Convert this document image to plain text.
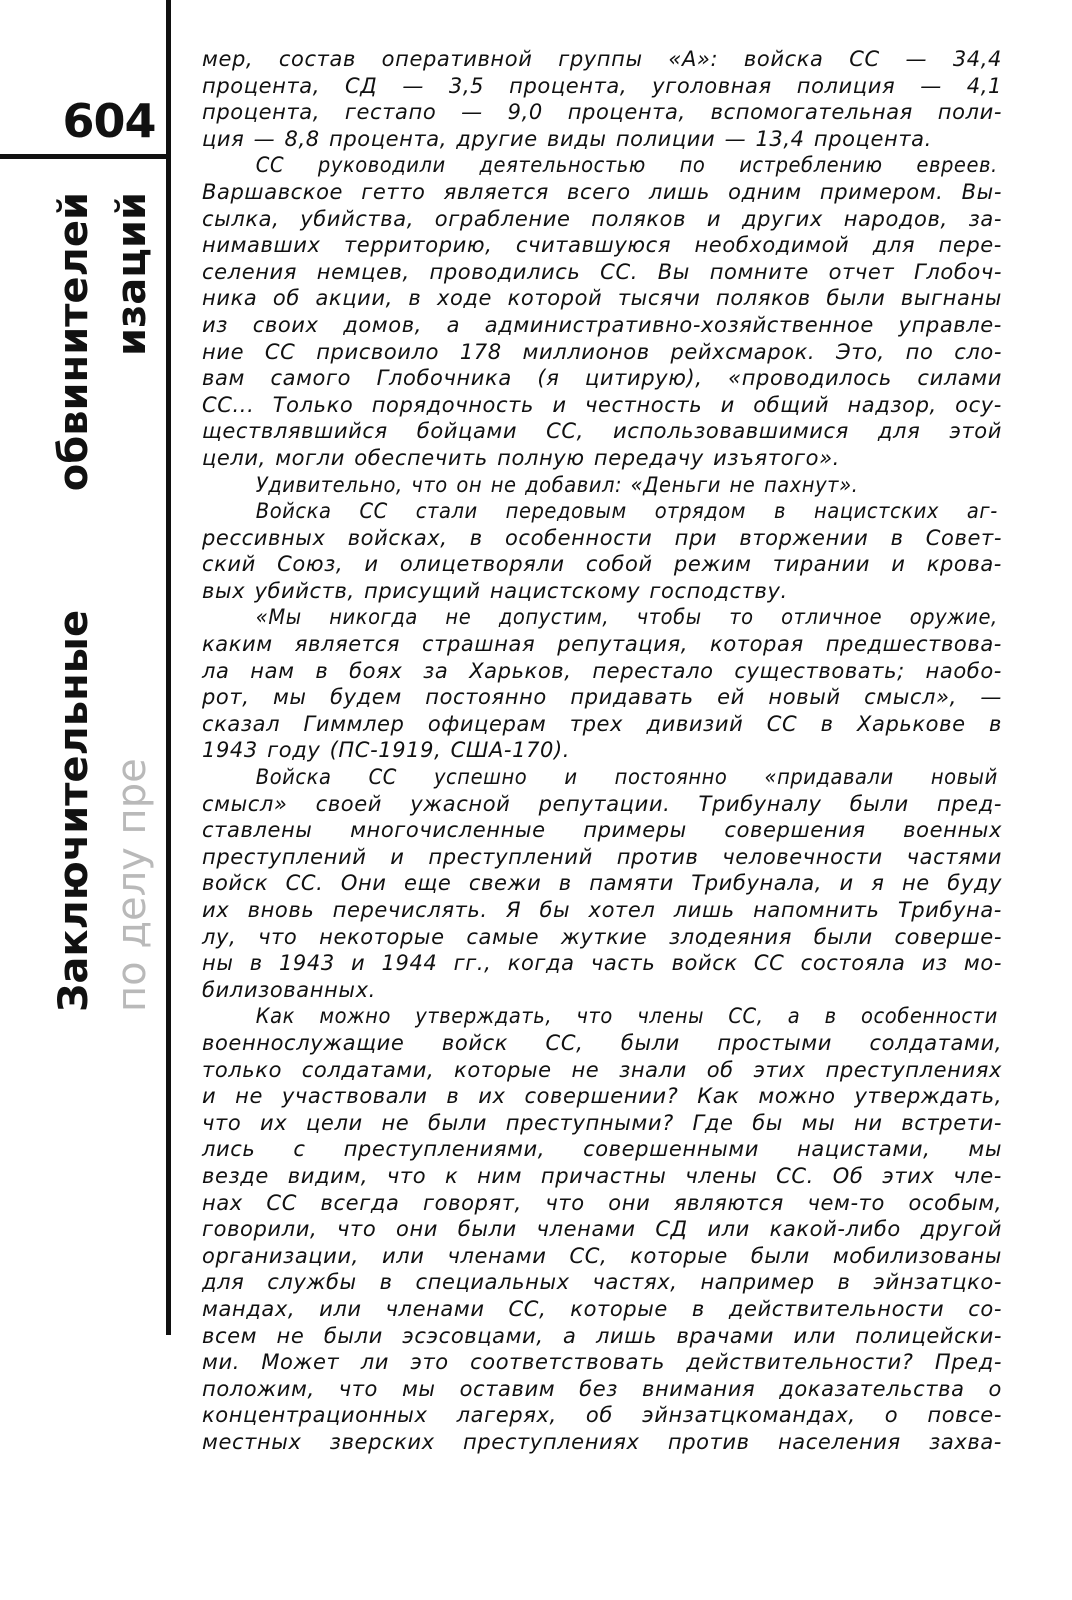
604
Заключительные
обвинителей
по делу пре
изаций
мер, состав оперативной группы «А»: войска СС — 34,4
процента, СД — 3,5 процента, уголовная полиция — 4,1
процента, гестапо — 9,0 процента, вспомогательная поли-
ция — 8,8 процента, другие виды полиции — 13,4 процента.
СС руководили деятельностью по истреблению евреев.
Варшавское гетто является всего лишь одним примером. Вы-
сылка, убийства, ограбление поляков и других народов, за-
нимавших территорию, считавшуюся необходимой для пере-
селения немцев, проводились СС. Вы помните отчет Глобоч-
ника об акции, в ходе которой тысячи поляков были выгнаны
из своих домов, а административно-хозяйственное управле-
ние СС присвоило 178 миллионов рейхсмарок. Это, по сло-
вам самого Глобочника (я цитирую), «проводилось силами
СС... Только порядочность и честность и общий надзор, осу-
ществлявшийся бойцами СС, использовавшимися для этой
цели, могли обеспечить полную передачу изъятого».
Удивительно, что он не добавил: «Деньги не пахнут».
Войска СС стали передовым отрядом в нацистских аг-
рессивных войсках, в особенности при вторжении в Совет-
ский Союз, и олицетворяли собой режим тирании и крова-
вых убийств, присущий нацистскому господству.
«Мы никогда не допустим, чтобы то отличное оружие,
каким является страшная репутация, которая предшествова-
ла нам в боях за Харьков, перестало существовать; наобо-
рот, мы будем постоянно придавать ей новый смысл», —
сказал Гиммлер офицерам трех дивизий СС в Харькове в
1943 году (ПС-1919, США-170).
Войска СС успешно и постоянно «придавали новый
смысл» своей ужасной репутации. Трибуналу были пред-
ставлены многочисленные примеры совершения военных
преступлений и преступлений против человечности частями
войск СС. Они еще свежи в памяти Трибунала, и я не буду
их вновь перечислять. Я бы хотел лишь напомнить Трибуна-
лу, что некоторые самые жуткие злодеяния были соверше-
ны в 1943 и 1944 гг., когда часть войск СС состояла из мо-
билизованных.
Как можно утверждать, что члены СС, а в особенности
военнослужащие войск СС, были простыми солдатами,
только солдатами, которые не знали об этих преступлениях
и не участвовали в их совершении? Как можно утверждать,
что их цели не были преступными? Где бы мы ни встрети-
лись с преступлениями, совершенными нацистами, мы
везде видим, что к ним причастны члены СС. Об этих чле-
нах СС всегда говорят, что они являются чем-то особым,
говорили, что они были членами СД или какой-либо другой
организации, или членами СС, которые были мобилизованы
для службы в специальных частях, например в эйнзатцко-
мандах, или членами СС, которые в действительности со-
всем не были эсэсовцами, а лишь врачами или полицейски-
ми. Может ли это соответствовать действительности? Пред-
положим, что мы оставим без внимания доказательства о
концентрационных лагерях, об эйнзатцкомандах, о повсе-
местных зверских преступлениях против населения захва-
